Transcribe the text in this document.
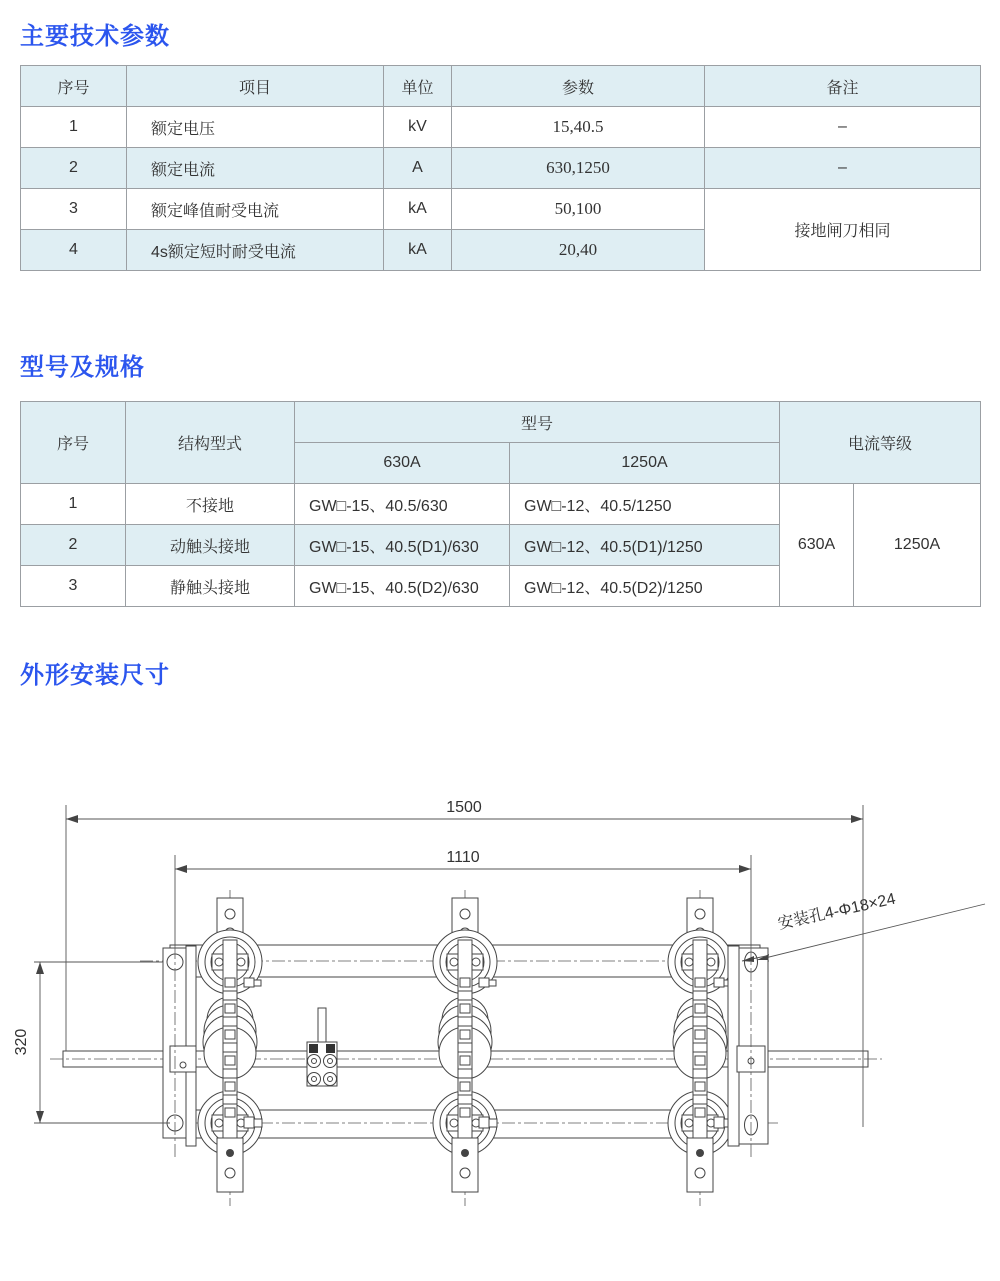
主要技术参数
序号	项目	单位	参数	备注
1	额定电压	kV	15,40.5	–
2	额定电流	A	630,1250	–
3	额定峰值耐受电流	kA	50,100	接地闸刀相同
4	4s额定短时耐受电流	kA	20,40	
型号及规格
序号	结构型式	型号		电流等级	
		630A	1250A		
1	不接地	GW□-15、40.5/630	GW□-12、40.5/1250	630A	1250A
2	动触头接地	GW□-15、40.5(D1)/630	GW□-12、40.5(D1)/1250		
3	静触头接地	GW□-15、40.5(D2)/630	GW□-12、40.5(D2)/1250		
外形安装尺寸
1500
1110
320
安装孔4-Φ18×24
